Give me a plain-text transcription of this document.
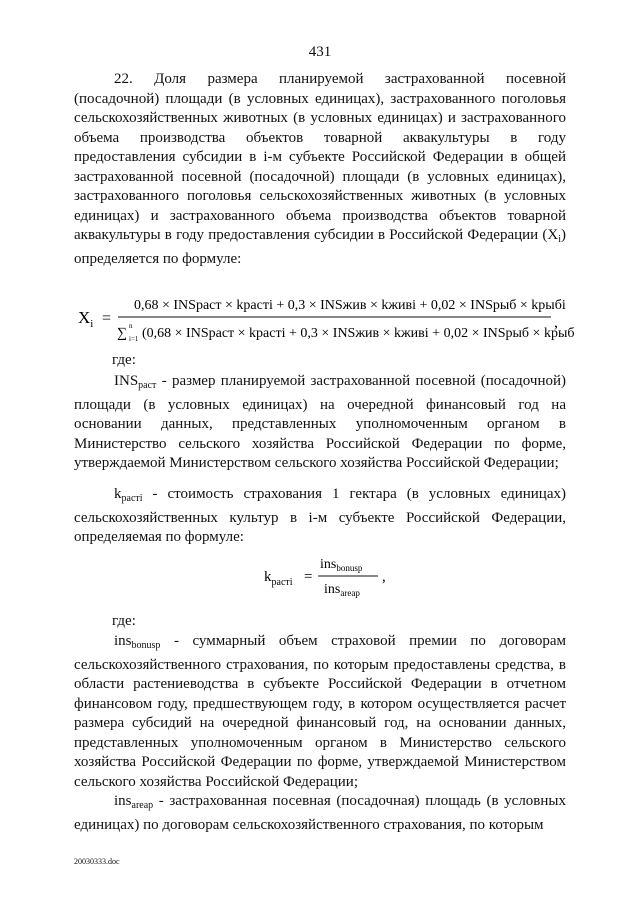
431

22. Доля размера планируемой застрахованной посевной (посадочной) площади (в условных единицах), застрахованного поголовья сельскохозяйственных животных (в условных единицах) и застрахованного объема производства объектов товарной аквакультуры в году предоставления субсидии в i-м субъекте Российской Федерации в общей застрахованной посевной (посадочной) площади (в условных единицах), застрахованного поголовья сельскохозяйственных животных (в условных единицах) и застрахованного объема производства объектов товарной аквакультуры в году предоставления субсидии в Российской Федерации $(X_i)$ определяется по формуле:

$X_i$ =
0,68 × INSраст × kрастi + 0,3 × INSжив × kживi + 0,02 × INSрыб × kрыбi
∑ n
i=1 (0,68 × INSраст × kрастi + 0,3 × INSжив × kживi + 0,02 × INSрыб × kрыбi)
,
где:

$INS_{раст}$ - размер планируемой застрахованной посевной (посадочной) площади (в условных единицах) на очередной финансовый год на основании данных, представленных уполномоченным органом в Министерство сельского хозяйства Российской Федерации по форме, утверждаемой Министерством сельского хозяйства Российской Федерации;

$k_{растi}$ - стоимость страхования 1 гектара (в условных единицах) сельскохозяйственных культур в i-м субъекте Российской Федерации, определяемая по формуле:

$k_{растi}$ =
ins$_{bonusp}$
ins$_{areap}$
,
где:

ins$_{bonusp}$ - суммарный объем страховой премии по договорам сельскохозяйственного страхования, по которым предоставлены средства, в области растениеводства в субъекте Российской Федерации в отчетном финансовом году, предшествующем году, в котором осуществляется расчет размера субсидий на очередной финансовый год, на основании данных, представленных уполномоченным органом в Министерство сельского хозяйства Российской Федерации по форме, утверждаемой Министерством сельского хозяйства Российской Федерации;

ins$_{areap}$ - застрахованная посевная (посадочная) площадь (в условных единицах) по договорам сельскохозяйственного страхования, по которым

20030333.doc
